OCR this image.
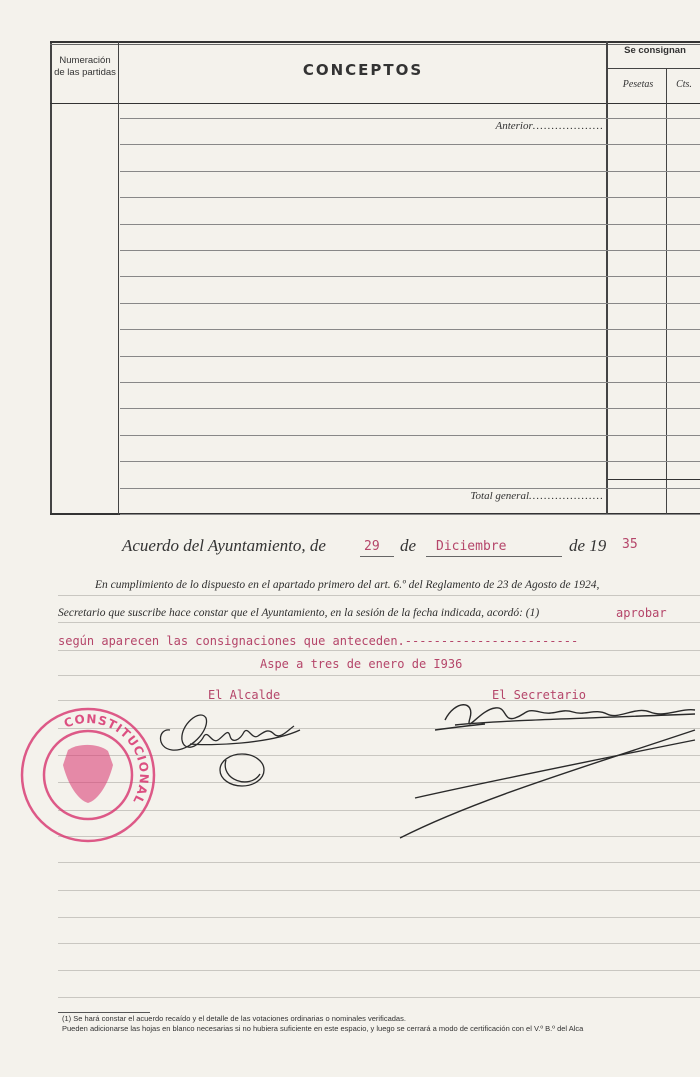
Numeración de las partidas	CONCEPTOS
Se consignan
Pesetas	Cts.
Anterior...................
Total general....................
Acuerdo del Ayuntamiento, de	29 de Diciembre	de 19 35
En cumplimiento de lo dispuesto en el apartado primero del art. 6.º del Reglamento de 23 de Agosto de 1924,
Secretario que suscribe hace constar que el Ayuntamiento, en la sesión de la fecha indicada, acordó: (1)	aprobar
según aparecen las consignaciones que anteceden.------------------------
Aspe a tres de enero de I936
El Alcalde	El Secretario
CONSTITUCIONAL
(1) Se hará constar el acuerdo recaído y el detalle de las votaciones ordinarias o nominales verificadas.
Pueden adicionarse las hojas en blanco necesarias si no hubiera suficiente en este espacio, y luego se cerrará a modo de certificación con el V.º B.º del Alca
